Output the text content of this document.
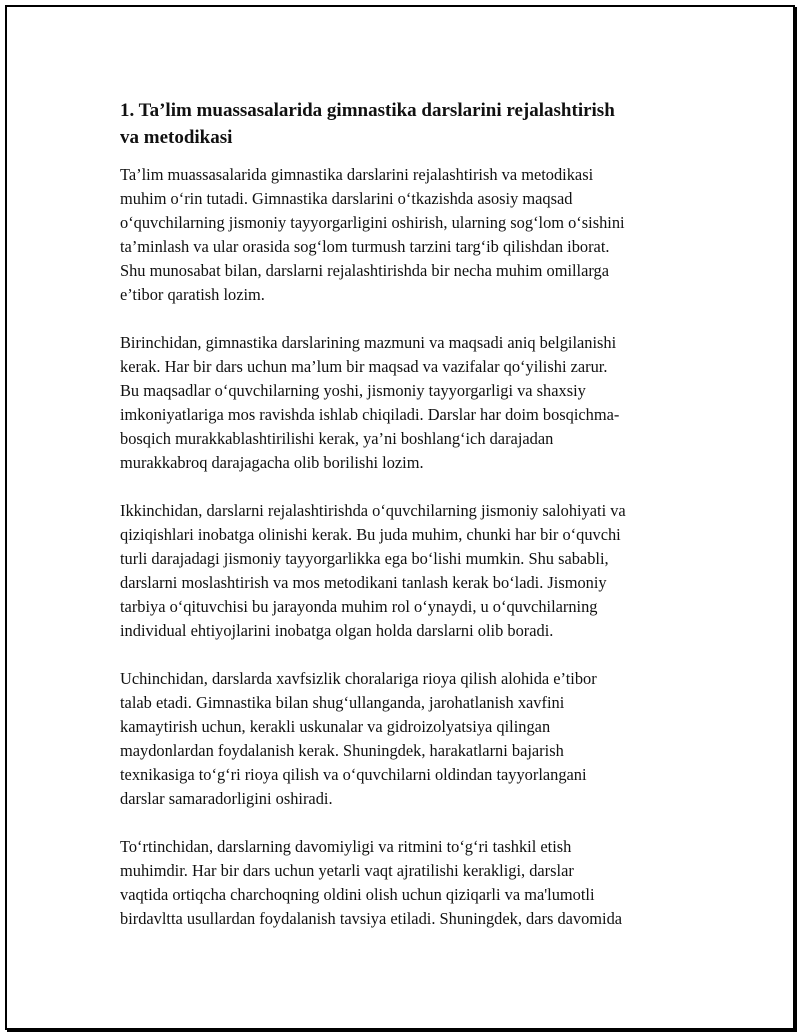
1. Ta’lim muassasalarida gimnastika darslarini rejalashtirish
va metodikasi

Ta’lim muassasalarida gimnastika darslarini rejalashtirish va metodikasi
muhim o‘rin tutadi. Gimnastika darslarini o‘tkazishda asosiy maqsad
o‘quvchilarning jismoniy tayyorgarligini oshirish, ularning sog‘lom o‘sishini
ta’minlash va ular orasida sog‘lom turmush tarzini targ‘ib qilishdan iborat.
Shu munosabat bilan, darslarni rejalashtirishda bir necha muhim omillarga
e’tibor qaratish lozim.

Birinchidan, gimnastika darslarining mazmuni va maqsadi aniq belgilanishi
kerak. Har bir dars uchun ma’lum bir maqsad va vazifalar qo‘yilishi zarur.
Bu maqsadlar o‘quvchilarning yoshi, jismoniy tayyorgarligi va shaxsiy
imkoniyatlariga mos ravishda ishlab chiqiladi. Darslar har doim bosqichma-
bosqich murakkablashtirilishi kerak, ya’ni boshlang‘ich darajadan
murakkabroq darajagacha olib borilishi lozim.

Ikkinchidan, darslarni rejalashtirishda o‘quvchilarning jismoniy salohiyati va
qiziqishlari inobatga olinishi kerak. Bu juda muhim, chunki har bir o‘quvchi
turli darajadagi jismoniy tayyorgarlikka ega bo‘lishi mumkin. Shu sababli,
darslarni moslashtirish va mos metodikani tanlash kerak bo‘ladi. Jismoniy
tarbiya o‘qituvchisi bu jarayonda muhim rol o‘ynaydi, u o‘quvchilarning
individual ehtiyojlarini inobatga olgan holda darslarni olib boradi.

Uchinchidan, darslarda xavfsizlik choralariga rioya qilish alohida e’tibor
talab etadi. Gimnastika bilan shug‘ullanganda, jarohatlanish xavfini
kamaytirish uchun, kerakli uskunalar va gidroizolyatsiya qilingan
maydonlardan foydalanish kerak. Shuningdek, harakatlarni bajarish
texnikasiga to‘g‘ri rioya qilish va o‘quvchilarni oldindan tayyorlangani
darslar samaradorligini oshiradi.

To‘rtinchidan, darslarning davomiyligi va ritmini to‘g‘ri tashkil etish
muhimdir. Har bir dars uchun yetarli vaqt ajratilishi kerakligi, darslar
vaqtida ortiqcha charchoqning oldini olish uchun qiziqarli va ma'lumotli
birdavltta usullardan foydalanish tavsiya etiladi. Shuningdek, dars davomida
